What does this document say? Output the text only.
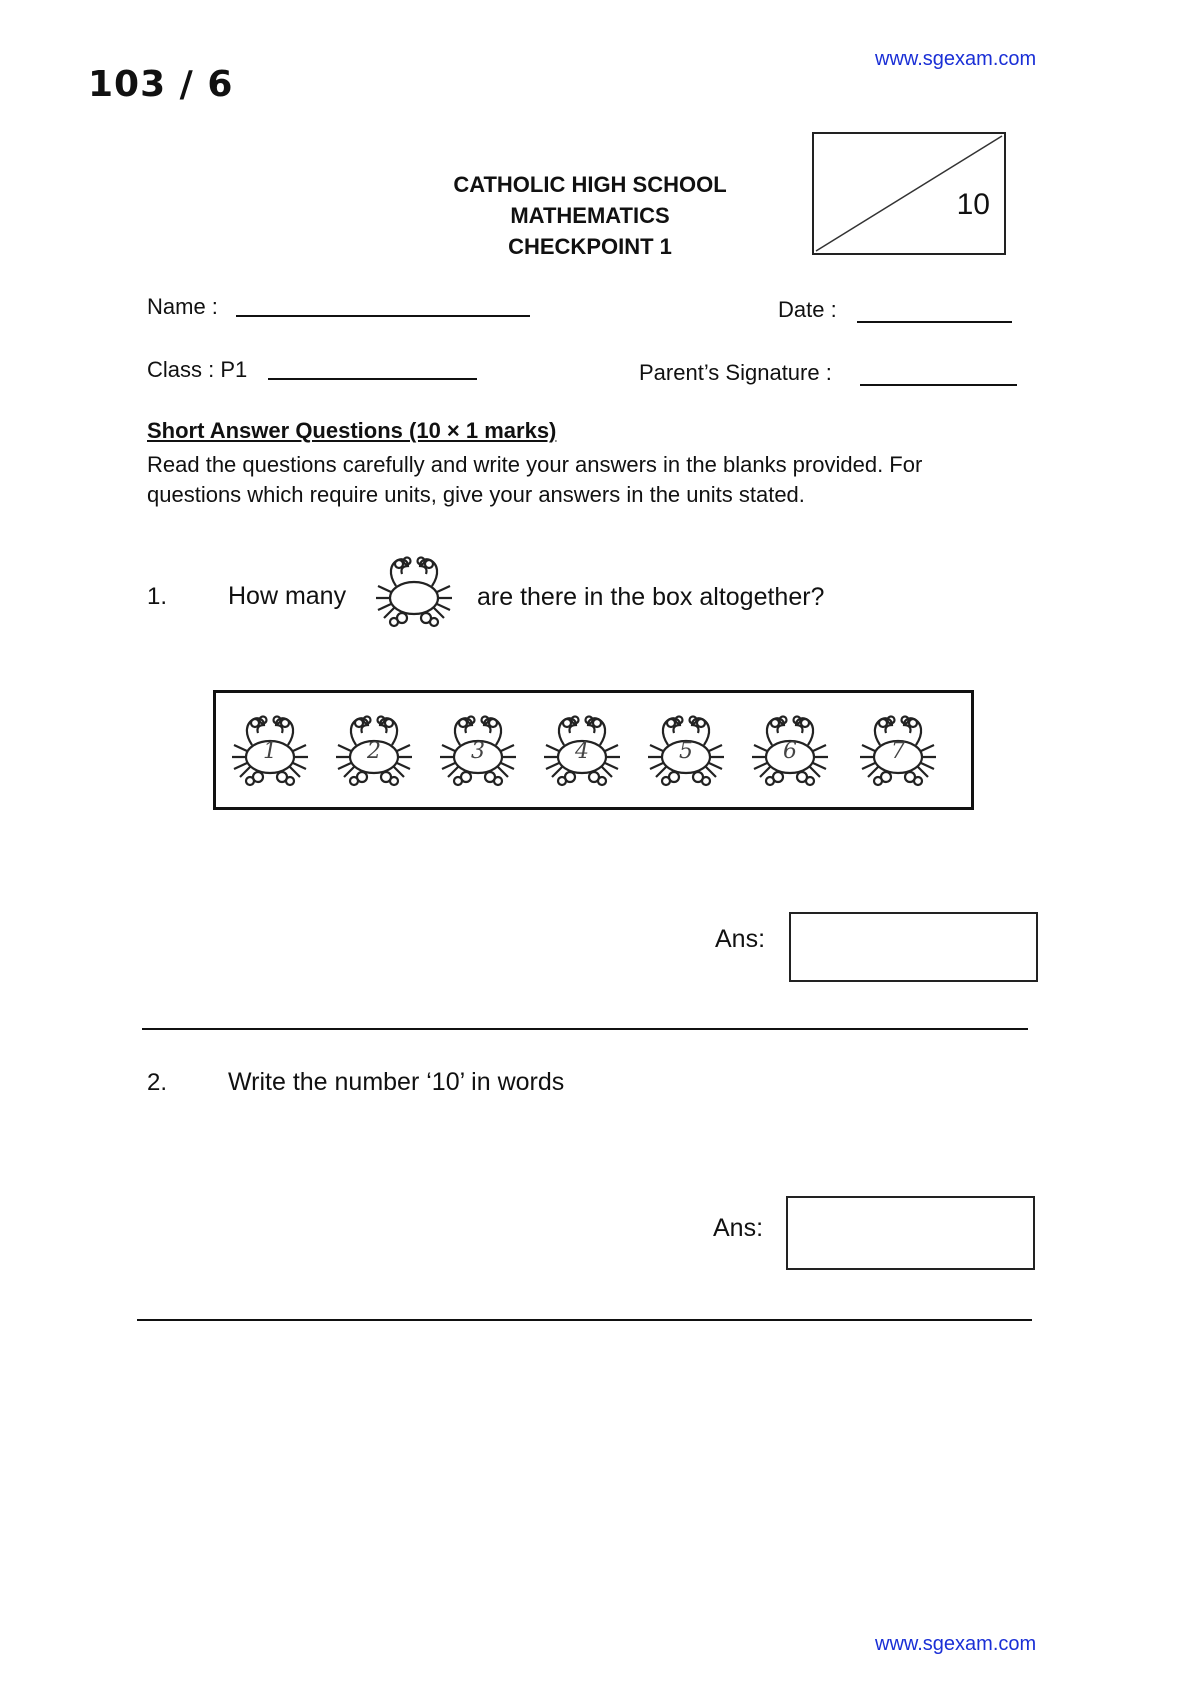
103 / 6
www.sgexam.com
CATHOLIC HIGH SCHOOL
MATHEMATICS
CHECKPOINT 1
10
Name :	Date :
Class : P1	Parent’s Signature :
Short Answer Questions (10 × 1 marks)
Read the questions carefully and write your answers in the blanks provided. For questions which require units, give your answers in the units stated.
1. How many	are there in the box altogether?
1	2	3	4	5	6	7
Ans:
2. Write the number ‘10’ in words
Ans:
www.sgexam.com
